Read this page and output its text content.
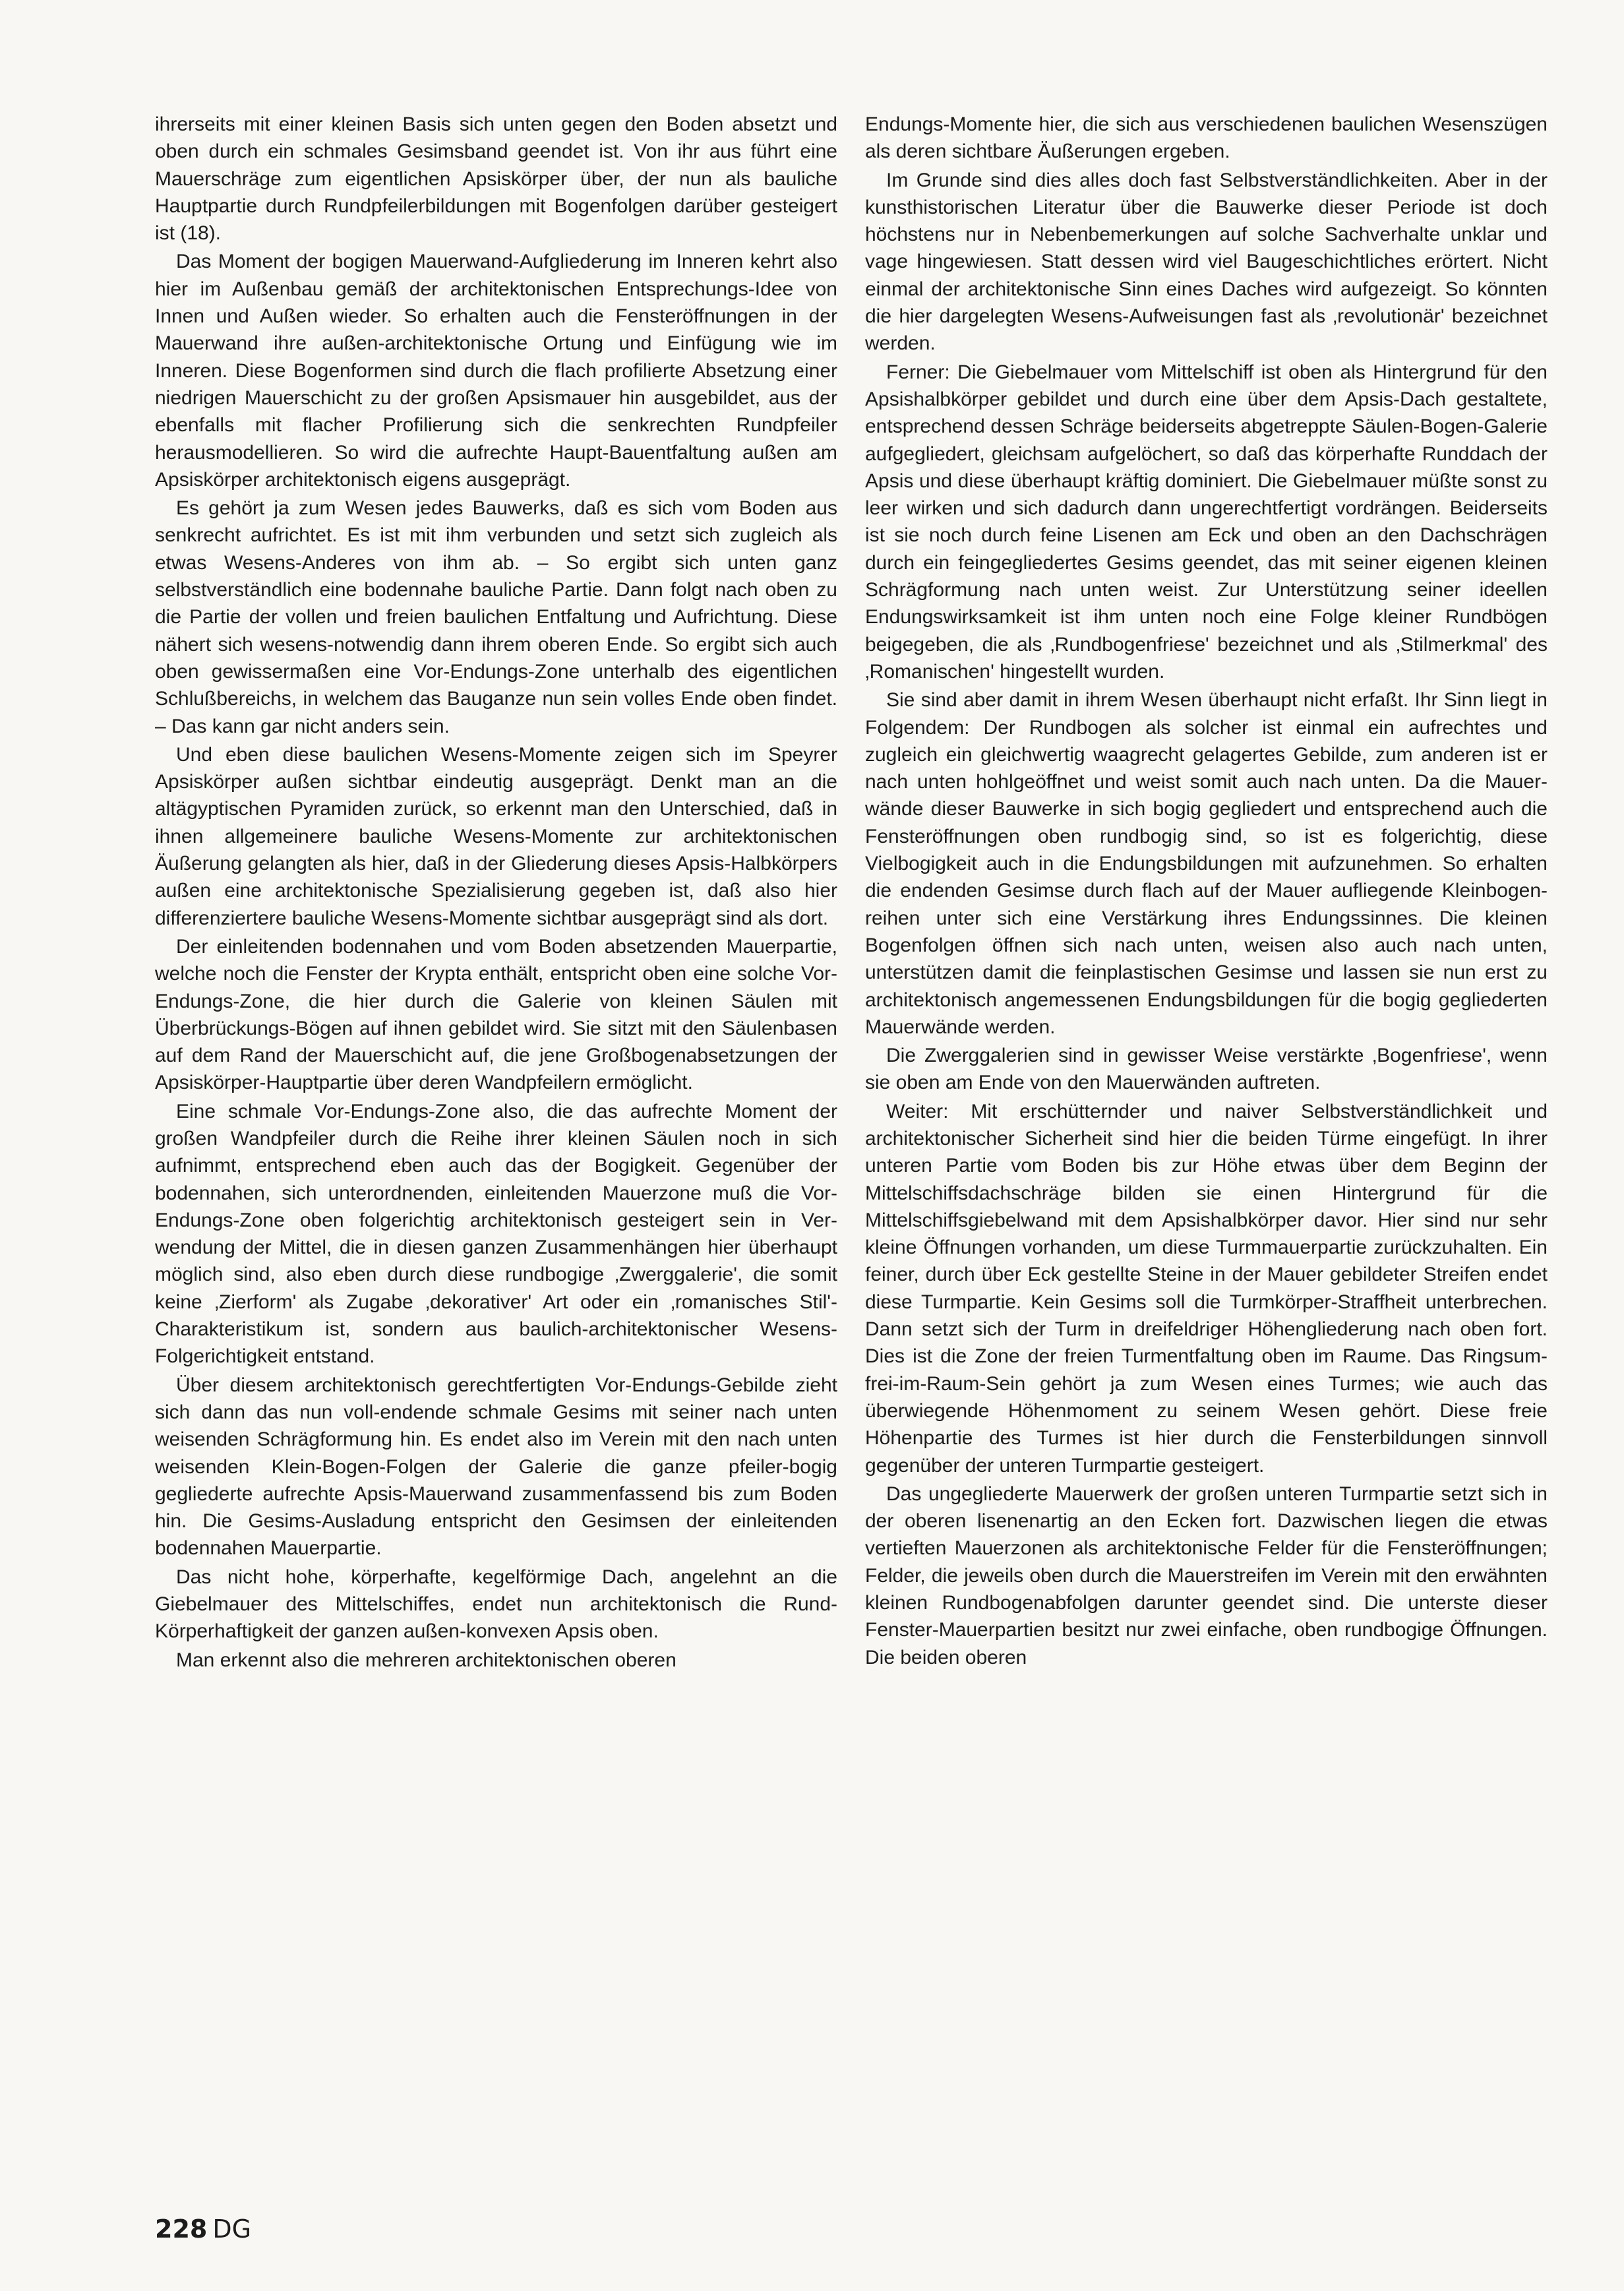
ihrerseits mit einer kleinen Basis sich unten gegen den Boden absetzt und oben durch ein schmales Gesimsband geendet ist. Von ihr aus führt eine Mauerschräge zum eigentlichen Apsiskörper über, der nun als bauliche Hauptpartie durch Rundpfeilerbildungen mit Bogenfolgen darüber gesteigert ist (18).

Das Moment der bogigen Mauerwand-Aufgliederung im Inneren kehrt also hier im Außenbau gemäß der architektonischen Entsprechungs-Idee von Innen und Außen wieder. So erhalten auch die Fensteröffnungen in der Mauerwand ihre außen-architektonische Ortung und Einfügung wie im Inneren. Diese Bogenformen sind durch die flach profilierte Absetzung einer niedrigen Mauerschicht zu der großen Apsismauer hin ausgebildet, aus der ebenfalls mit flacher Profilierung sich die senkrechten Rundpfeiler herausmodellieren. So wird die aufrechte Haupt-Bauentfaltung außen am Apsiskörper architektonisch eigens ausgeprägt.

Es gehört ja zum Wesen jedes Bauwerks, daß es sich vom Boden aus senkrecht aufrichtet. Es ist mit ihm verbunden und setzt sich zugleich als etwas Wesens-Anderes von ihm ab. – So ergibt sich unten ganz selbstverständlich eine bodennahe bauliche Partie. Dann folgt nach oben zu die Partie der vollen und freien baulichen Entfaltung und Aufrichtung. Diese nähert sich wesens-notwendig dann ihrem oberen Ende. So ergibt sich auch oben gewissermaßen eine Vor-Endungs-Zone unterhalb des eigentlichen Schlußbereichs, in welchem das Bauganze nun sein volles Ende oben findet. – Das kann gar nicht anders sein.

Und eben diese baulichen Wesens-Momente zeigen sich im Speyrer Apsiskörper außen sichtbar eindeutig ausgeprägt. Denkt man an die altägyptischen Pyramiden zurück, so erkennt man den Unterschied, daß in ihnen allgemeinere bauliche Wesens-Momente zur architektonischen Äußerung gelangten als hier, daß in der Gliederung dieses Apsis-Halbkörpers außen eine architektonische Spezialisierung gegeben ist, daß also hier differenziertere bauliche Wesens-Momente sichtbar ausgeprägt sind als dort.

Der einleitenden bodennahen und vom Boden absetzenden Mauerpartie, welche noch die Fenster der Krypta enthält, entspricht oben eine solche Vor-Endungs-Zone, die hier durch die Galerie von kleinen Säulen mit Überbrückungs-Bögen auf ihnen gebildet wird. Sie sitzt mit den Säulenbasen auf dem Rand der Mauerschicht auf, die jene Großbogenabsetzungen der Apsiskörper-Hauptpartie über deren Wandpfeilern ermöglicht.

Eine schmale Vor-Endungs-Zone also, die das aufrechte Moment der großen Wandpfeiler durch die Reihe ihrer kleinen Säulen noch in sich aufnimmt, entsprechend eben auch das der Bogigkeit. Gegenüber der bodennahen, sich unterordnenden, einleitenden Mauerzone muß die Vor-Endungs-Zone oben folgerichtig architektonisch gesteigert sein in Verwendung der Mittel, die in diesen ganzen Zusammenhängen hier überhaupt möglich sind, also eben durch diese rundbogige ‚Zwerggalerie', die somit keine ‚Zierform' als Zugabe ‚dekorativer' Art oder ein ‚romanisches Stil'-Charakteristikum ist, sondern aus baulich-architektonischer Wesens-Folgerichtigkeit entstand.

Über diesem architektonisch gerechtfertigten Vor-Endungs-Gebilde zieht sich dann das nun voll-endende schmale Gesims mit seiner nach unten weisenden Schrägformung hin. Es endet also im Verein mit den nach unten weisenden Klein-Bogen-Folgen der Galerie die ganze pfeiler-bogig gegliederte aufrechte Apsis-Mauerwand zusammenfassend bis zum Boden hin. Die Gesims-Ausladung entspricht den Gesimsen der einleitenden bodennahen Mauerpartie.

Das nicht hohe, körperhafte, kegelförmige Dach, angelehnt an die Giebelmauer des Mittelschiffes, endet nun architektonisch die Rund-Körperhaftigkeit der ganzen außen-konvexen Apsis oben.

Man erkennt also die mehreren architektonischen oberen

Endungs-Momente hier, die sich aus verschiedenen baulichen Wesenszügen als deren sichtbare Äußerungen ergeben.

Im Grunde sind dies alles doch fast Selbstverständlichkeiten. Aber in der kunsthistorischen Literatur über die Bauwerke dieser Periode ist doch höchstens nur in Nebenbemerkungen auf solche Sachverhalte unklar und vage hingewiesen. Statt dessen wird viel Baugeschichtliches erörtert. Nicht einmal der architektonische Sinn eines Daches wird aufgezeigt. So könnten die hier dargelegten Wesens-Aufweisungen fast als ‚revolutionär' bezeichnet werden.

Ferner: Die Giebelmauer vom Mittelschiff ist oben als Hintergrund für den Apsishalbkörper gebildet und durch eine über dem Apsis-Dach gestaltete, entsprechend dessen Schräge beiderseits abgetreppte Säulen-Bogen-Galerie aufgegliedert, gleichsam aufgelöchert, so daß das körperhafte Runddach der Apsis und diese überhaupt kräftig dominiert. Die Giebelmauer müßte sonst zu leer wirken und sich dadurch dann ungerechtfertigt vordrängen. Beiderseits ist sie noch durch feine Lisenen am Eck und oben an den Dachschrägen durch ein feingegliedertes Gesims geendet, das mit seiner eigenen kleinen Schrägformung nach unten weist. Zur Unterstützung seiner ideellen Endungswirksamkeit ist ihm unten noch eine Folge kleiner Rundbögen beigegeben, die als ‚Rundbogenfriese' bezeichnet und als ‚Stilmerkmal' des ‚Romanischen' hingestellt wurden.

Sie sind aber damit in ihrem Wesen überhaupt nicht erfaßt. Ihr Sinn liegt in Folgendem: Der Rundbogen als solcher ist einmal ein aufrechtes und zugleich ein gleichwertig waagrecht gelagertes Gebilde, zum anderen ist er nach unten hohlgeöffnet und weist somit auch nach unten. Da die Mauerwände dieser Bauwerke in sich bogig gegliedert und entsprechend auch die Fensteröffnungen oben rundbogig sind, so ist es folgerichtig, diese Vielbogigkeit auch in die Endungsbildungen mit aufzunehmen. So erhalten die endenden Gesimse durch flach auf der Mauer aufliegende Kleinbogenreihen unter sich eine Verstärkung ihres Endungssinnes. Die kleinen Bogenfolgen öffnen sich nach unten, weisen also auch nach unten, unterstützen damit die feinplastischen Gesimse und lassen sie nun erst zu architektonisch angemessenen Endungsbildungen für die bogig gegliederten Mauerwände werden.

Die Zwerggalerien sind in gewisser Weise verstärkte ‚Bogenfriese', wenn sie oben am Ende von den Mauerwänden auftreten.

Weiter: Mit erschütternder und naiver Selbstverständlichkeit und architektonischer Sicherheit sind hier die beiden Türme eingefügt. In ihrer unteren Partie vom Boden bis zur Höhe etwas über dem Beginn der Mittelschiffsdachschräge bilden sie einen Hintergrund für die Mittelschiffsgiebelwand mit dem Apsishalbkörper davor. Hier sind nur sehr kleine Öffnungen vorhanden, um diese Turmmauerpartie zurückzuhalten. Ein feiner, durch über Eck gestellte Steine in der Mauer gebildeter Streifen endet diese Turmpartie. Kein Gesims soll die Turmkörper-Straffheit unterbrechen. Dann setzt sich der Turm in dreifeldriger Höhengliederung nach oben fort. Dies ist die Zone der freien Turmentfaltung oben im Raume. Das Ringsum-frei-im-Raum-Sein gehört ja zum Wesen eines Turmes; wie auch das überwiegende Höhenmoment zu seinem Wesen gehört. Diese freie Höhenpartie des Turmes ist hier durch die Fensterbildungen sinnvoll gegenüber der unteren Turmpartie gesteigert.

Das ungegliederte Mauerwerk der großen unteren Turmpartie setzt sich in der oberen lisenenartig an den Ecken fort. Dazwischen liegen die etwas vertieften Mauerzonen als architektonische Felder für die Fensteröffnungen; Felder, die jeweils oben durch die Mauerstreifen im Verein mit den erwähnten kleinen Rundbogenabfolgen darunter geendet sind. Die unterste dieser Fenster-Mauerpartien besitzt nur zwei einfache, oben rundbogige Öffnungen. Die beiden oberen

228 DG
